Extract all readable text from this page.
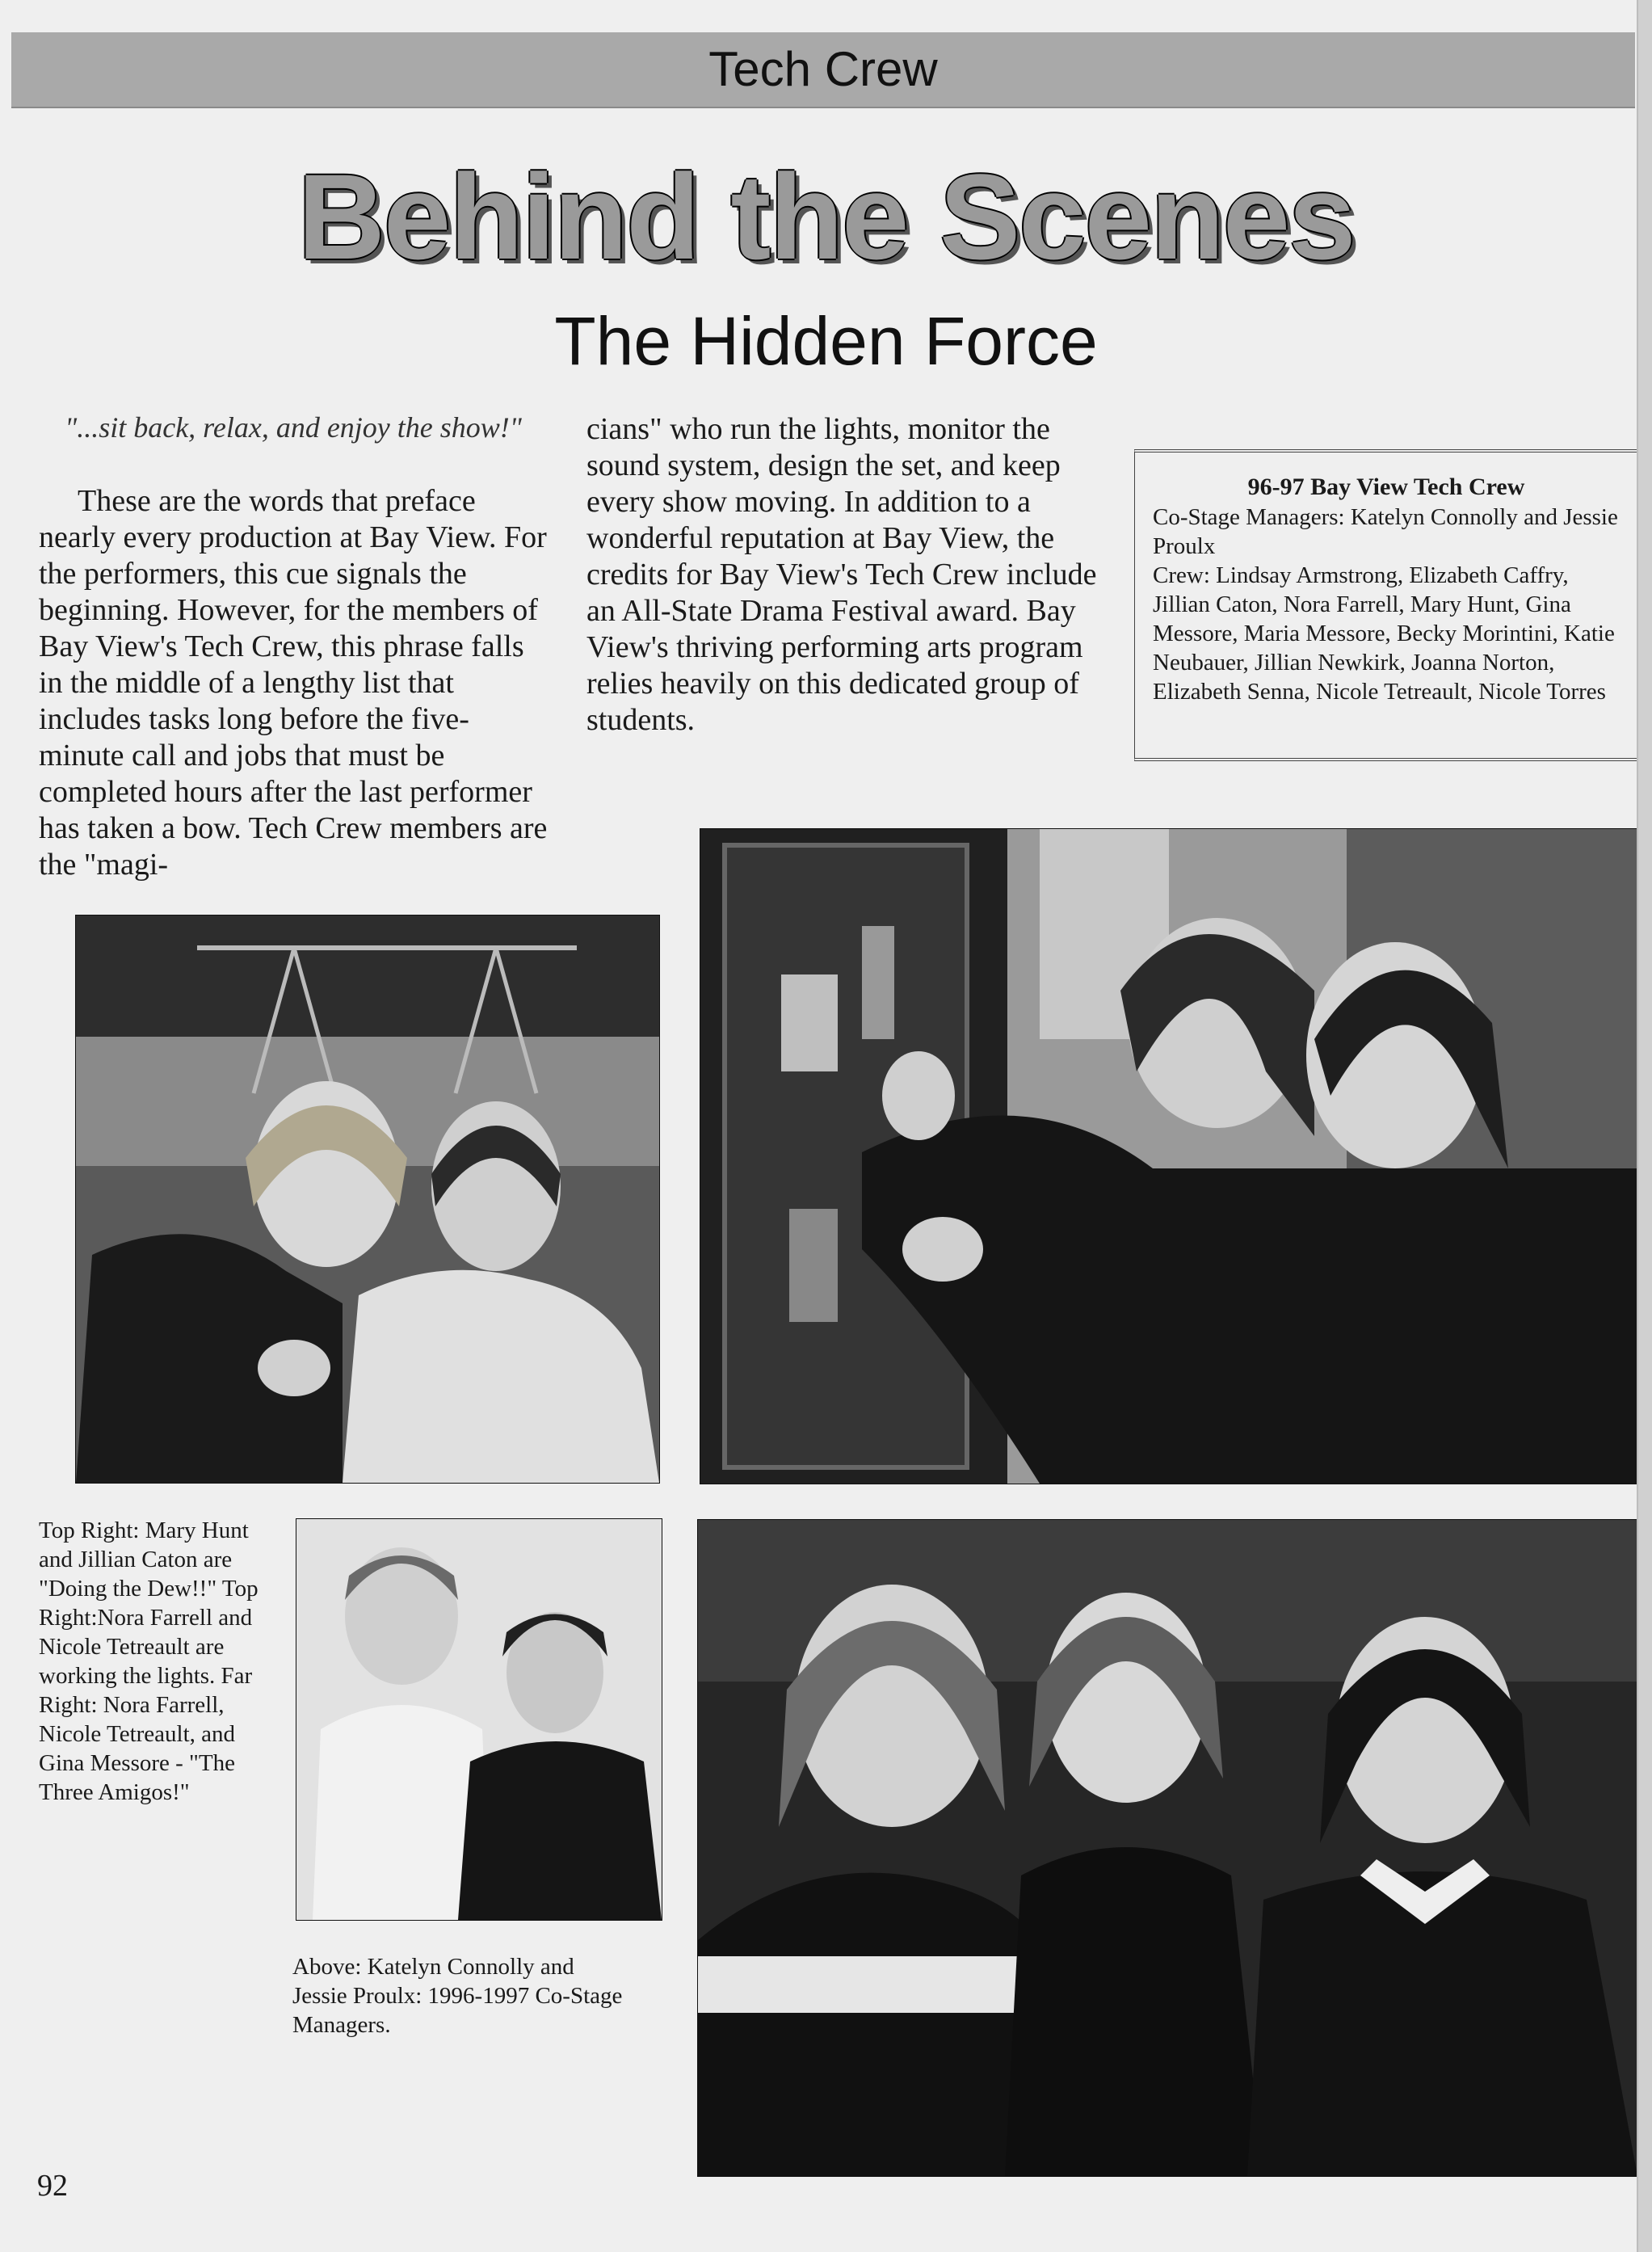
Tech Crew
Behind the Scenes
The Hidden Force
"...sit back, relax, and enjoy the show!"
These are the words that preface nearly every production at Bay View. For the performers, this cue signals the beginning. However, for the members of Bay View's Tech Crew, this phrase falls in the middle of a lengthy list that includes tasks long before the five-minute call and jobs that must be completed hours after the last performer has taken a bow. Tech Crew members are the "magi-
cians" who run the lights, monitor the sound system, design the set, and keep every show moving. In addition to a wonderful reputation at Bay View, the credits for Bay View's Tech Crew include an All-State Drama Festival award. Bay View's thriving performing arts program relies heavily on this dedicated group of students.
96-97 Bay View Tech Crew
Co-Stage Managers: Katelyn Connolly and Jessie Proulx
Crew: Lindsay Armstrong, Elizabeth Caffry, Jillian Caton, Nora Farrell, Mary Hunt, Gina Messore, Maria Messore, Becky Morintini, Katie Neubauer, Jillian Newkirk, Joanna Norton, Elizabeth Senna, Nicole Tetreault, Nicole Torres
Top Right: Mary Hunt and Jillian Caton are "Doing the Dew!!" Top Right:Nora Farrell and Nicole Tetreault are working the lights. Far Right: Nora Farrell, Nicole Tetreault, and Gina Messore - "The Three Amigos!"
Above: Katelyn Connolly and Jessie Proulx: 1996-1997 Co-Stage Managers.
92
